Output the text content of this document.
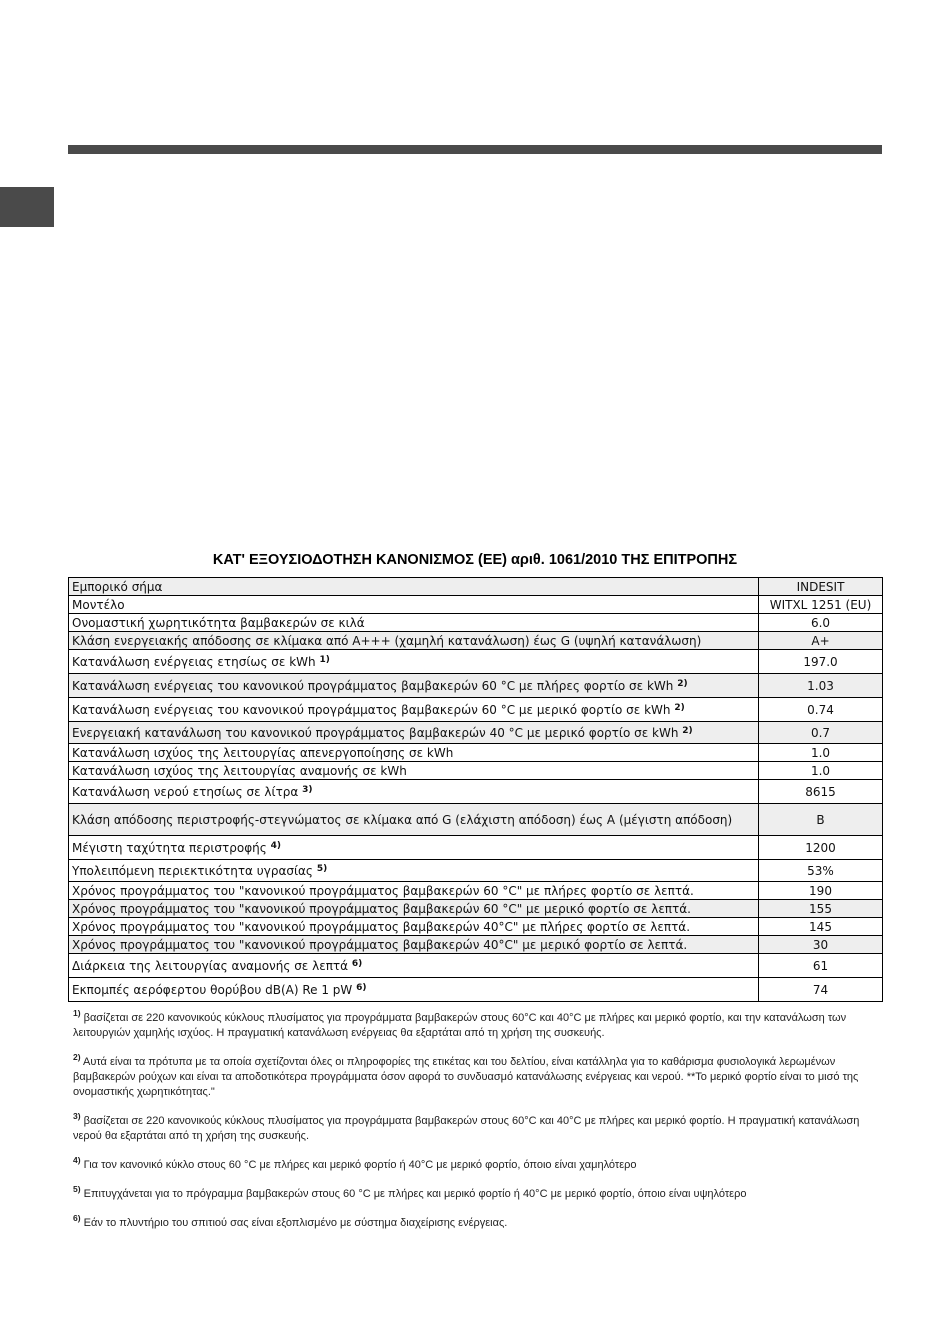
ΚΑΤ' ΕΞΟΥΣΙΟΔΟΤΗΣΗ ΚΑΝΟΝΙΣΜΟΣ (ΕΕ) αριθ. 1061/2010 ΤΗΣ ΕΠΙΤΡΟΠΗΣ
Εμπορικό σήμα	INDESIT
Μοντέλο	WITXL 1251 (EU)
Ονομαστική χωρητικότητα βαμβακερών σε κιλά	6.0
Κλάση ενεργειακής απόδοσης σε κλίμακα από A+++ (χαμηλή κατανάλωση) έως G (υψηλή κατανάλωση)	A+
Κατανάλωση ενέργειας ετησίως σε kWh $^{1)}$	197.0
Κατανάλωση ενέργειας του κανονικού προγράμματος βαμβακερών 60 °C με πλήρες φορτίο σε kWh $^{2)}$	1.03
Κατανάλωση ενέργειας του κανονικού προγράμματος βαμβακερών 60 °C με μερικό φορτίο σε kWh $^{2)}$	0.74
Ενεργειακή κατανάλωση του κανονικού προγράμματος βαμβακερών 40 °C με μερικό φορτίο σε kWh $^{2)}$	0.7
Κατανάλωση ισχύος της λειτουργίας απενεργοποίησης σε kWh	1.0
Κατανάλωση ισχύος της λειτουργίας αναμονής σε kWh	1.0
Κατανάλωση νερού ετησίως σε λίτρα $^{3)}$	8615
Κλάση απόδοσης περιστροφής-στεγνώματος σε κλίμακα από G (ελάχιστη απόδοση) έως A (μέγιστη απόδοση)	B
Μέγιστη ταχύτητα περιστροφής $^{4)}$	1200
Υπολειπόμενη περιεκτικότητα υγρασίας $^{5)}$	53%
Χρόνος προγράμματος του "κανονικού προγράμματος βαμβακερών 60 °C" με πλήρες φορτίο σε λεπτά.	190
Χρόνος προγράμματος του "κανονικού προγράμματος βαμβακερών 60 °C" με μερικό φορτίο σε λεπτά.	155
Χρόνος προγράμματος του "κανονικού προγράμματος βαμβακερών 40°C" με πλήρες φορτίο σε λεπτά.	145
Χρόνος προγράμματος του "κανονικού προγράμματος βαμβακερών 40°C" με μερικό φορτίο σε λεπτά.	30
Διάρκεια της λειτουργίας αναμονής σε λεπτά $^{6)}$	61
Εκπομπές αερόφερτου θορύβου dB(A) Re 1 pW $^{6)}$	74

$^{1)}$ βασίζεται σε 220 κανονικούς κύκλους πλυσίματος για προγράμματα βαμβακερών στους 60°C και 40°C με πλήρες και μερικό φορτίο, και την κατανάλωση των λειτουργιών χαμηλής ισχύος. Η πραγματική κατανάλωση ενέργειας θα εξαρτάται από τη χρήση της συσκευής.

$^{2)}$ Αυτά είναι τα πρότυπα με τα οποία σχετίζονται όλες οι πληροφορίες της ετικέτας και του δελτίου, είναι κατάλληλα για το καθάρισμα φυσιολογικά λερωμένων βαμβακερών ρούχων και είναι τα αποδοτικότερα προγράμματα όσον αφορά το συνδυασμό κατανάλωσης ενέργειας και νερού. **Το μερικό φορτίο είναι το μισό της ονομαστικής χωρητικότητας."

$^{3)}$ βασίζεται σε 220 κανονικούς κύκλους πλυσίματος για προγράμματα βαμβακερών στους 60°C και 40°C με πλήρες και μερικό φορτίο. Η πραγματική κατανάλωση νερού θα εξαρτάται από τη χρήση της συσκευής.

$^{4)}$ Για τον κανονικό κύκλο στους 60 °C με πλήρες και μερικό φορτίο ή 40°C με μερικό φορτίο, όποιο είναι χαμηλότερο

$^{5)}$ Επιτυγχάνεται για το πρόγραμμα βαμβακερών στους 60 °C με πλήρες και μερικό φορτίο ή 40°C με μερικό φορτίο, όποιο είναι υψηλότερο

$^{6)}$ Εάν το πλυντήριο του σπιτιού σας είναι εξοπλισμένο με σύστημα διαχείρισης ενέργειας.
